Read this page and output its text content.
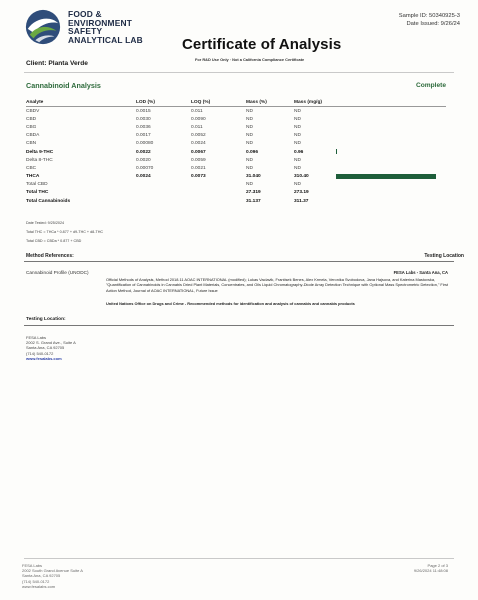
FOOD &
ENVIRONMENT
SAFETY
ANALYTICAL LAB
Sample ID: 50340925-3
Date Issued: 9/26/24
Certificate of Analysis
For R&D Use Only · Not a California Compliance Certificate
Client: Planta Verde
Cannabinoid Analysis	Complete
Analyte	LOD (%)	LOQ (%)	Mass (%)	Mass (mg/g)	
CBDV	0.0015	0.011	ND	ND	
CBD	0.0030	0.0090	ND	ND	
CBG	0.0036	0.011	ND	ND	
CBDA	0.0017	0.0052	ND	ND	
CBN	0.00080	0.0024	ND	ND	
Delta 9-THC	0.0022	0.0067	0.096	0.96	
Delta 8-THC	0.0020	0.0059	ND	ND	
CBC	0.00070	0.0021	ND	ND	
THCA	0.0024	0.0073	31.040	310.40	
Total CBD			ND	ND	
Total THC			27.319	273.19	
Total Cannabinoids			31.137	311.37	
Date Tested: 9/25/2024
Total THC = THCa * 0.877 + d9-THC + d8-THC
Total CBD = CBDa * 0.877 + CBD
Method References:	Testing Location
Cannabinoid Profile (UNODC)	FESA Labs - Santa Ana, CA
Official Methods of Analysis, Method 2018.11 AOAC INTERNATIONAL (modified); Lukas Vaclavik, Frantisek Benes, Alex Krmela, Veronika Svobodova, Jana Hajsova, and Katerina Mastovska, "Quantification of Cannabinoids in Cannabis Dried Plant Materials, Concentrates, and Oils Liquid Chromatography-Diode Array Detection Technique with Optional Mass Spectrometric Detection," First Action Method, Journal of AOAC INTERNATIONAL, Future Issue
United Nations Office on Drugs and Crime - Recommended methods for identification and analysis of cannabis and cannabis products
Testing Location:
FESA Labs
2002 S. Grand Ave., Suite A
Santa Ana, CA 92705
(714) 540-0172
www.fesalabs.com
FESA Labs
2002 South Grand Avenue Suite A
Santa Ana, CA 92705
(714) 540-0172
www.fesalabs.com
Page 2 of 3
9/26/2024 11:48:08
